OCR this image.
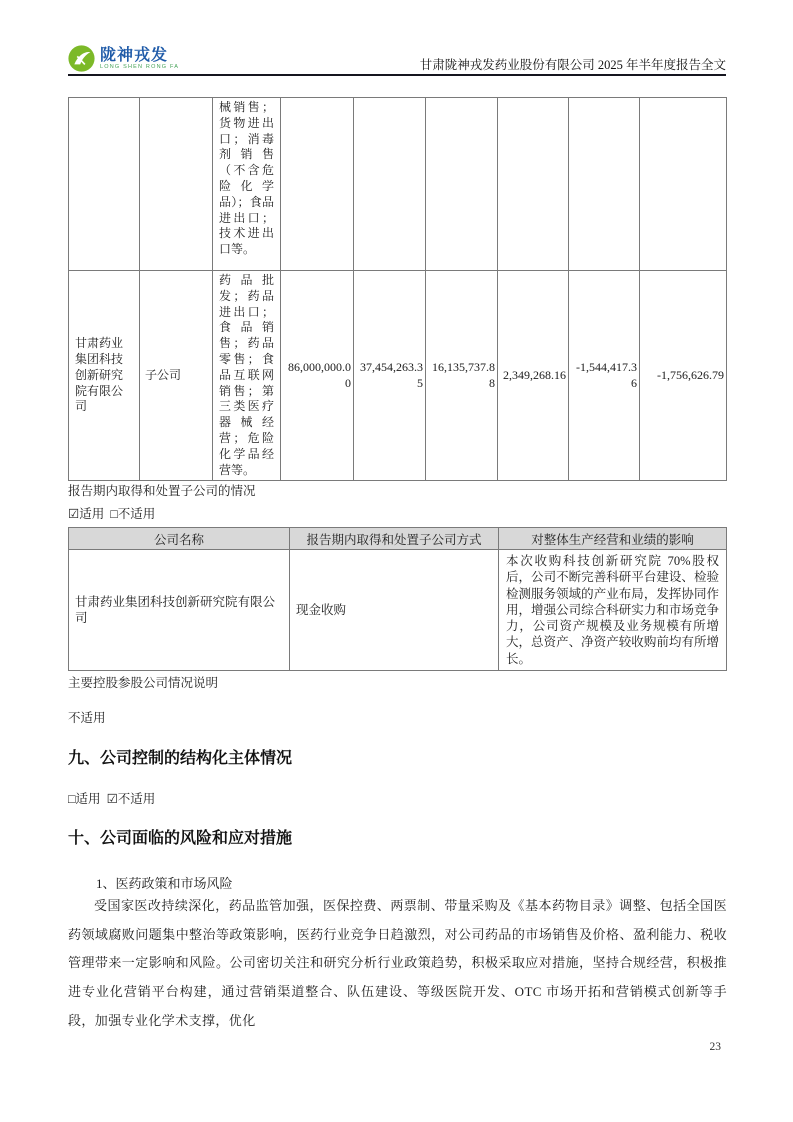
陇神戎发
LONG SHEN RONG FA	甘肃陇神戎发药业股份有限公司 2025 年半年度报告全文
		械销售；货物进出口；消毒剂销售（不含危险化学品）；食品进出口；技术进出口等。						
甘肃药业集团科技创新研究院有限公司	子公司	药品批发；药品进出口；食品销售；药品零售；食品互联网销售；第三类医疗器械经营；危险化学品经营等。	86,000,000.00	37,454,263.35	16,135,737.88	2,349,268.16	-1,544,417.36	-1,756,626.79
报告期内取得和处置子公司的情况
☑适用 □不适用
公司名称	报告期内取得和处置子公司方式	对整体生产经营和业绩的影响
甘肃药业集团科技创新研究院有限公司	现金收购	本次收购科技创新研究院 70%股权后，公司不断完善科研平台建设、检验检测服务领域的产业布局，发挥协同作用，增强公司综合科研实力和市场竞争力，公司资产规模及业务规模有所增大，总资产、净资产较收购前均有所增长。
主要控股参股公司情况说明
不适用
九、公司控制的结构化主体情况
□适用 ☑不适用
十、公司面临的风险和应对措施
1、医药政策和市场风险
受国家医改持续深化，药品监管加强，医保控费、两票制、带量采购及《基本药物目录》调整、包括全国医药领域腐败问题集中整治等政策影响，医药行业竞争日趋激烈，对公司药品的市场销售及价格、盈利能力、税收管理带来一定影响和风险。公司密切关注和研究分析行业政策趋势，积极采取应对措施，坚持合规经营，积极推进专业化营销平台构建，通过营销渠道整合、队伍建设、等级医院开发、OTC 市场开拓和营销模式创新等手段，加强专业化学术支撑，优化
23
